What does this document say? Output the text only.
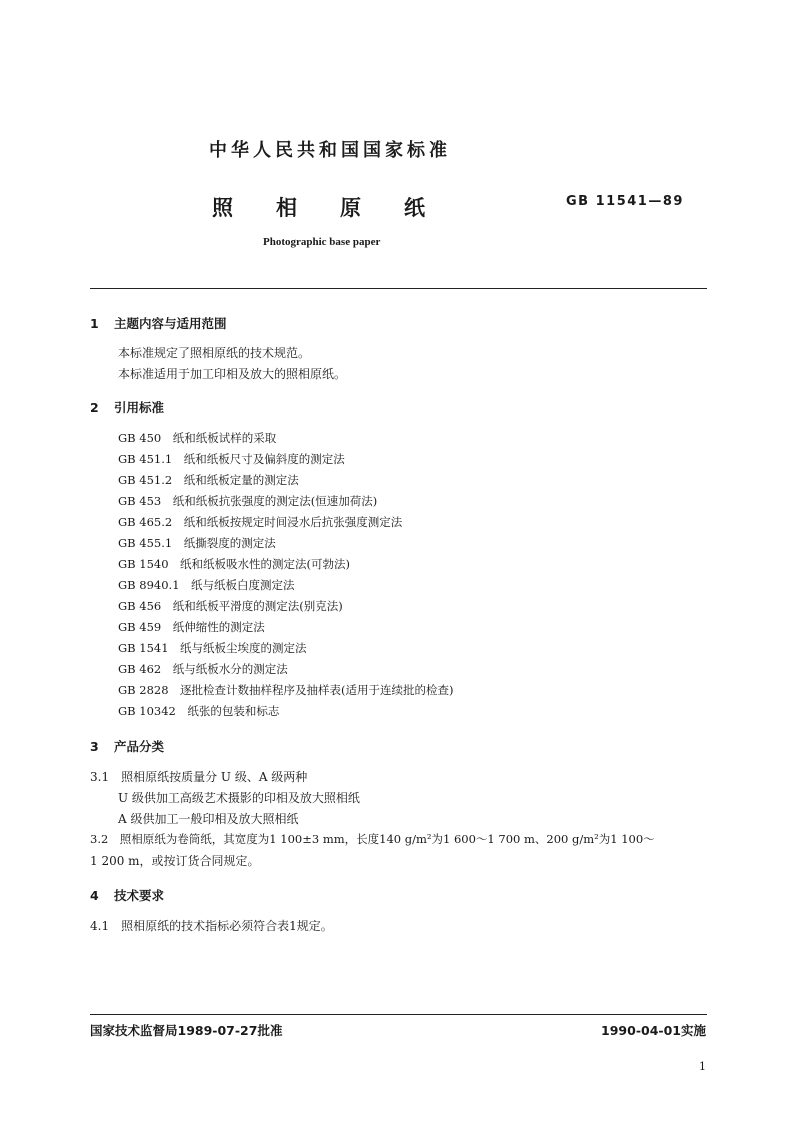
中华人民共和国国家标准
照相原纸	GB 11541—89
Photographic base paper
1 主题内容与适用范围
本标准规定了照相原纸的技术规范。
本标准适用于加工印相及放大的照相原纸。
2 引用标准
GB 450　纸和纸板试样的采取
GB 451.1　纸和纸板尺寸及偏斜度的测定法
GB 451.2　纸和纸板定量的测定法
GB 453　纸和纸板抗张强度的测定法(恒速加荷法)
GB 465.2　纸和纸板按规定时间浸水后抗张强度测定法
GB 455.1　纸撕裂度的测定法
GB 1540　纸和纸板吸水性的测定法(可勃法)
GB 8940.1　纸与纸板白度测定法
GB 456　纸和纸板平滑度的测定法(别克法)
GB 459　纸伸缩性的测定法
GB 1541　纸与纸板尘埃度的测定法
GB 462　纸与纸板水分的测定法
GB 2828　逐批检查计数抽样程序及抽样表(适用于连续批的检查)
GB 10342　纸张的包装和标志
3 产品分类
3.1　照相原纸按质量分 U 级、A 级两种
U 级供加工高级艺术摄影的印相及放大照相纸
A 级供加工一般印相及放大照相纸
3.2　照相原纸为卷筒纸，其宽度为1 100±3 mm，长度140 g/m²为1 600～1 700 m、200 g/m²为1 100～
1 200 m，或按订货合同规定。
4 技术要求
4.1　照相原纸的技术指标必须符合表1规定。
国家技术监督局1989-07-27批准	1990-04-01实施
1
